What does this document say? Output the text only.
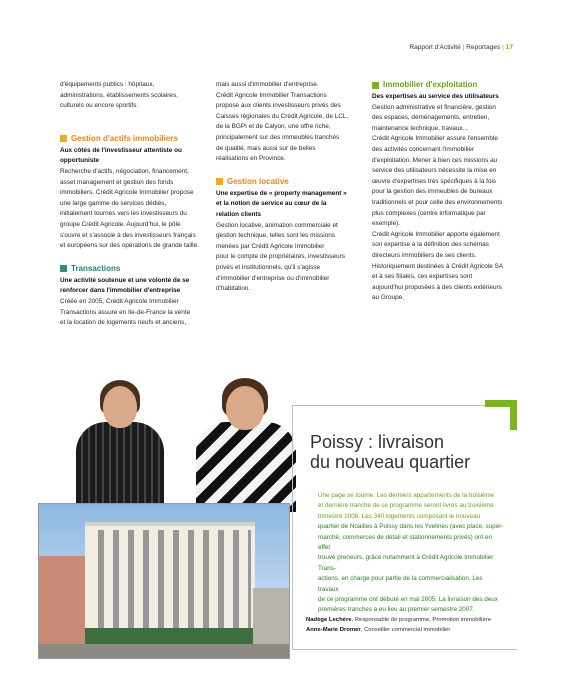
Rapport d'Activité | Reportages | 17

d'équipements publics : hôpitaux,

administrations, établissements scolaires,

culturels ou encore sportifs.

Gestion d'actifs immobiliers

Aux côtés de l'investisseur attentiste ou

opportuniste

Recherche d'actifs, négociation, financement,

asset management et gestion des fonds

immobiliers, Crédit Agricole Immobilier propose

une large gamme de services dédiés,

initialement tournés vers les investisseurs du

groupe Crédit Agricole. Aujourd'hui, le pôle

s'ouvre et s'associe à des investisseurs français

et européens sur des opérations de grande taille.

Transactions

Une activité soutenue et une volonté de se

renforcer dans l'immobilier d'entreprise

Créée en 2005, Crédit Agricole Immobilier

Transactions assure en Ile-de-France la vente

et la location de logements neufs et anciens,

mais aussi d'immobilier d'entreprise.

Crédit Agricole Immobilier Transactions

propose aux clients investisseurs privés des

Caisses régionales du Crédit Agricole, de LCL,

de la BGPI et de Calyon, une offre riche,

principalement sur des immeubles tranchés

de qualité, mais aussi sur de belles

réalisations en Province.

Gestion locative

Une expertise de « property management »

et la notion de service au cœur de la

relation clients

Gestion locative, animation commerciale et

gestion technique, telles sont les missions

menées par Crédit Agricole Immobilier

pour le compte de propriétaires, investisseurs

privés et institutionnels, qu'il s'agisse

d'immobilier d'entreprise ou d'immobilier

d'habitation.

Immobilier d'exploitation

Des expertises au service des utilisateurs

Gestion administrative et financière, gestion

des espaces, déménagements, entretien,

maintenance technique, travaux...

Crédit Agricole Immobilier assure l'ensemble

des activités concernant l'immobilier

d'exploitation. Mener à bien ces missions au

service des utilisateurs nécessite la mise en

œuvre d'expertises très spécifiques à la fois

pour la gestion des immeubles de bureaux

traditionnels et pour celle des environnements

plus complexes (centre informatique par

exemple).

Crédit Agricole Immobilier apporte également

son expertise à la définition des schémas

directeurs immobiliers de ses clients.

Historiquement destinées à Crédit Agricole SA

et à ses filiales, ces expertises sont

aujourd'hui proposées à des clients extérieurs

au Groupe.

Poissy : livraison
du nouveau quartier

Une page se tourne. Les derniers appartements de la troisième

et dernière tranche de ce programme seront livrés au troisième

trimestre 2008. Les 340 logements composant le nouveau

quartier de Noailles à Poissy dans les Yvelines (avec place, super-

marché, commerces de détail et stationnements privés) ont en effet

trouvé preneurs, grâce notamment à Crédit Agricole Immobilier Trans-

actions, en charge pour partie de la commercialisation. Les travaux

de ce programme ont débuté en mai 2005. La livraison des deux

premières tranches a eu lieu au premier semestre 2007.

Nadège Lechère, Responsable de programme, Promotion immobilière

Anne-Marie Dromer, Conseiller commercial immobilier
